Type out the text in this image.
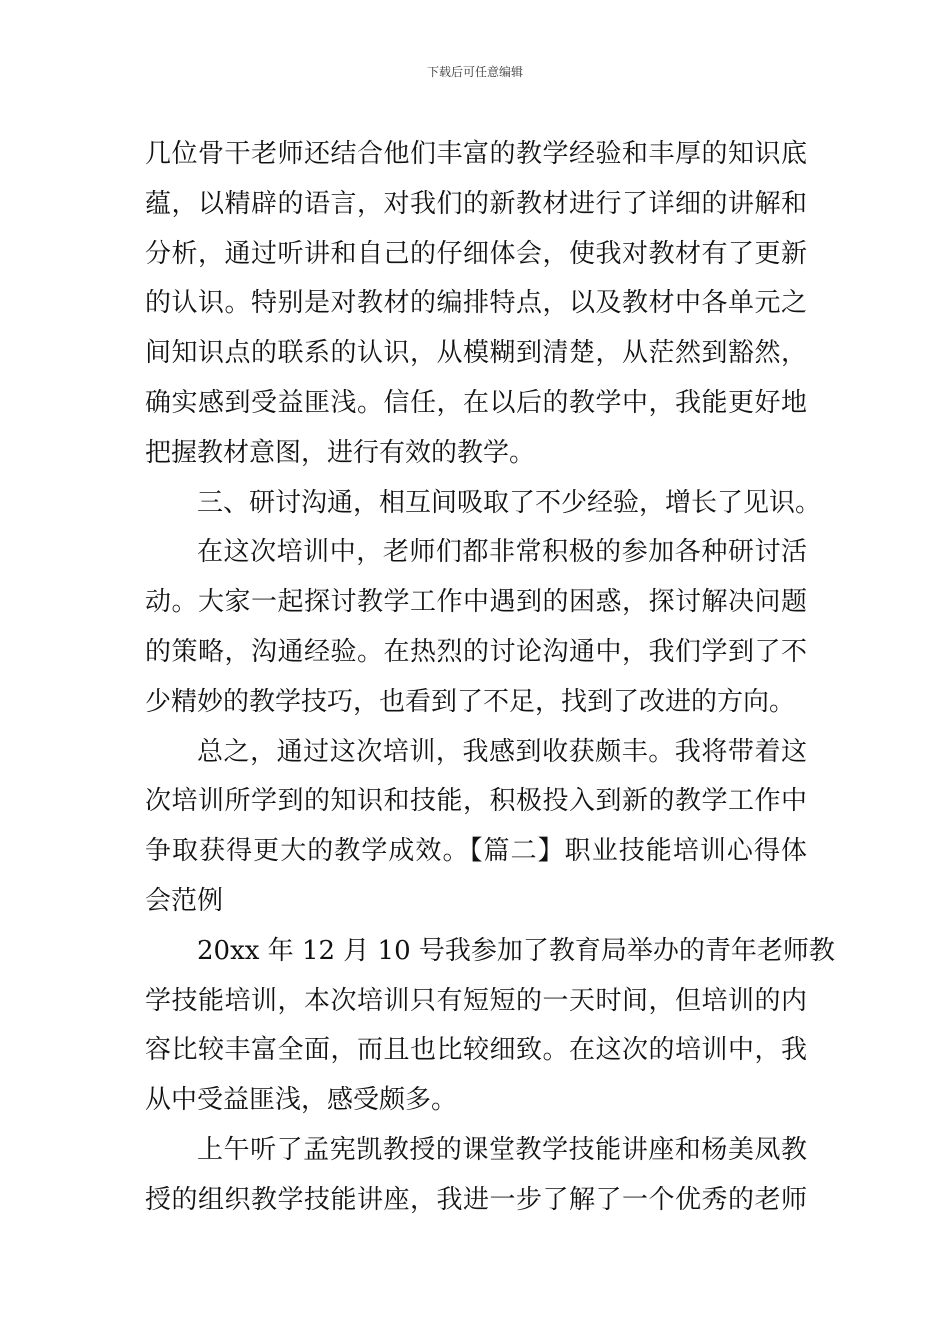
下载后可任意编辑
几位骨干老师还结合他们丰富的教学经验和丰厚的知识底
蕴，以精辟的语言，对我们的新教材进行了详细的讲解和
分析，通过听讲和自己的仔细体会，使我对教材有了更新
的认识。特别是对教材的编排特点，以及教材中各单元之
间知识点的联系的认识，从模糊到清楚，从茫然到豁然，
确实感到受益匪浅。信任，在以后的教学中，我能更好地
把握教材意图，进行有效的教学。
三、研讨沟通，相互间吸取了不少经验，增长了见识。
在这次培训中，老师们都非常积极的参加各种研讨活
动。大家一起探讨教学工作中遇到的困惑，探讨解决问题
的策略，沟通经验。在热烈的讨论沟通中，我们学到了不
少精妙的教学技巧，也看到了不足，找到了改进的方向。
总之，通过这次培训，我感到收获颇丰。我将带着这
次培训所学到的知识和技能，积极投入到新的教学工作中
争取获得更大的教学成效。【篇二】职业技能培训心得体
会范例
20xx 年 12 月 10 号我参加了教育局举办的青年老师教
学技能培训，本次培训只有短短的一天时间，但培训的内
容比较丰富全面，而且也比较细致。在这次的培训中，我
从中受益匪浅，感受颇多。
上午听了孟宪凯教授的课堂教学技能讲座和杨美凤教
授的组织教学技能讲座，我进一步了解了一个优秀的老师
